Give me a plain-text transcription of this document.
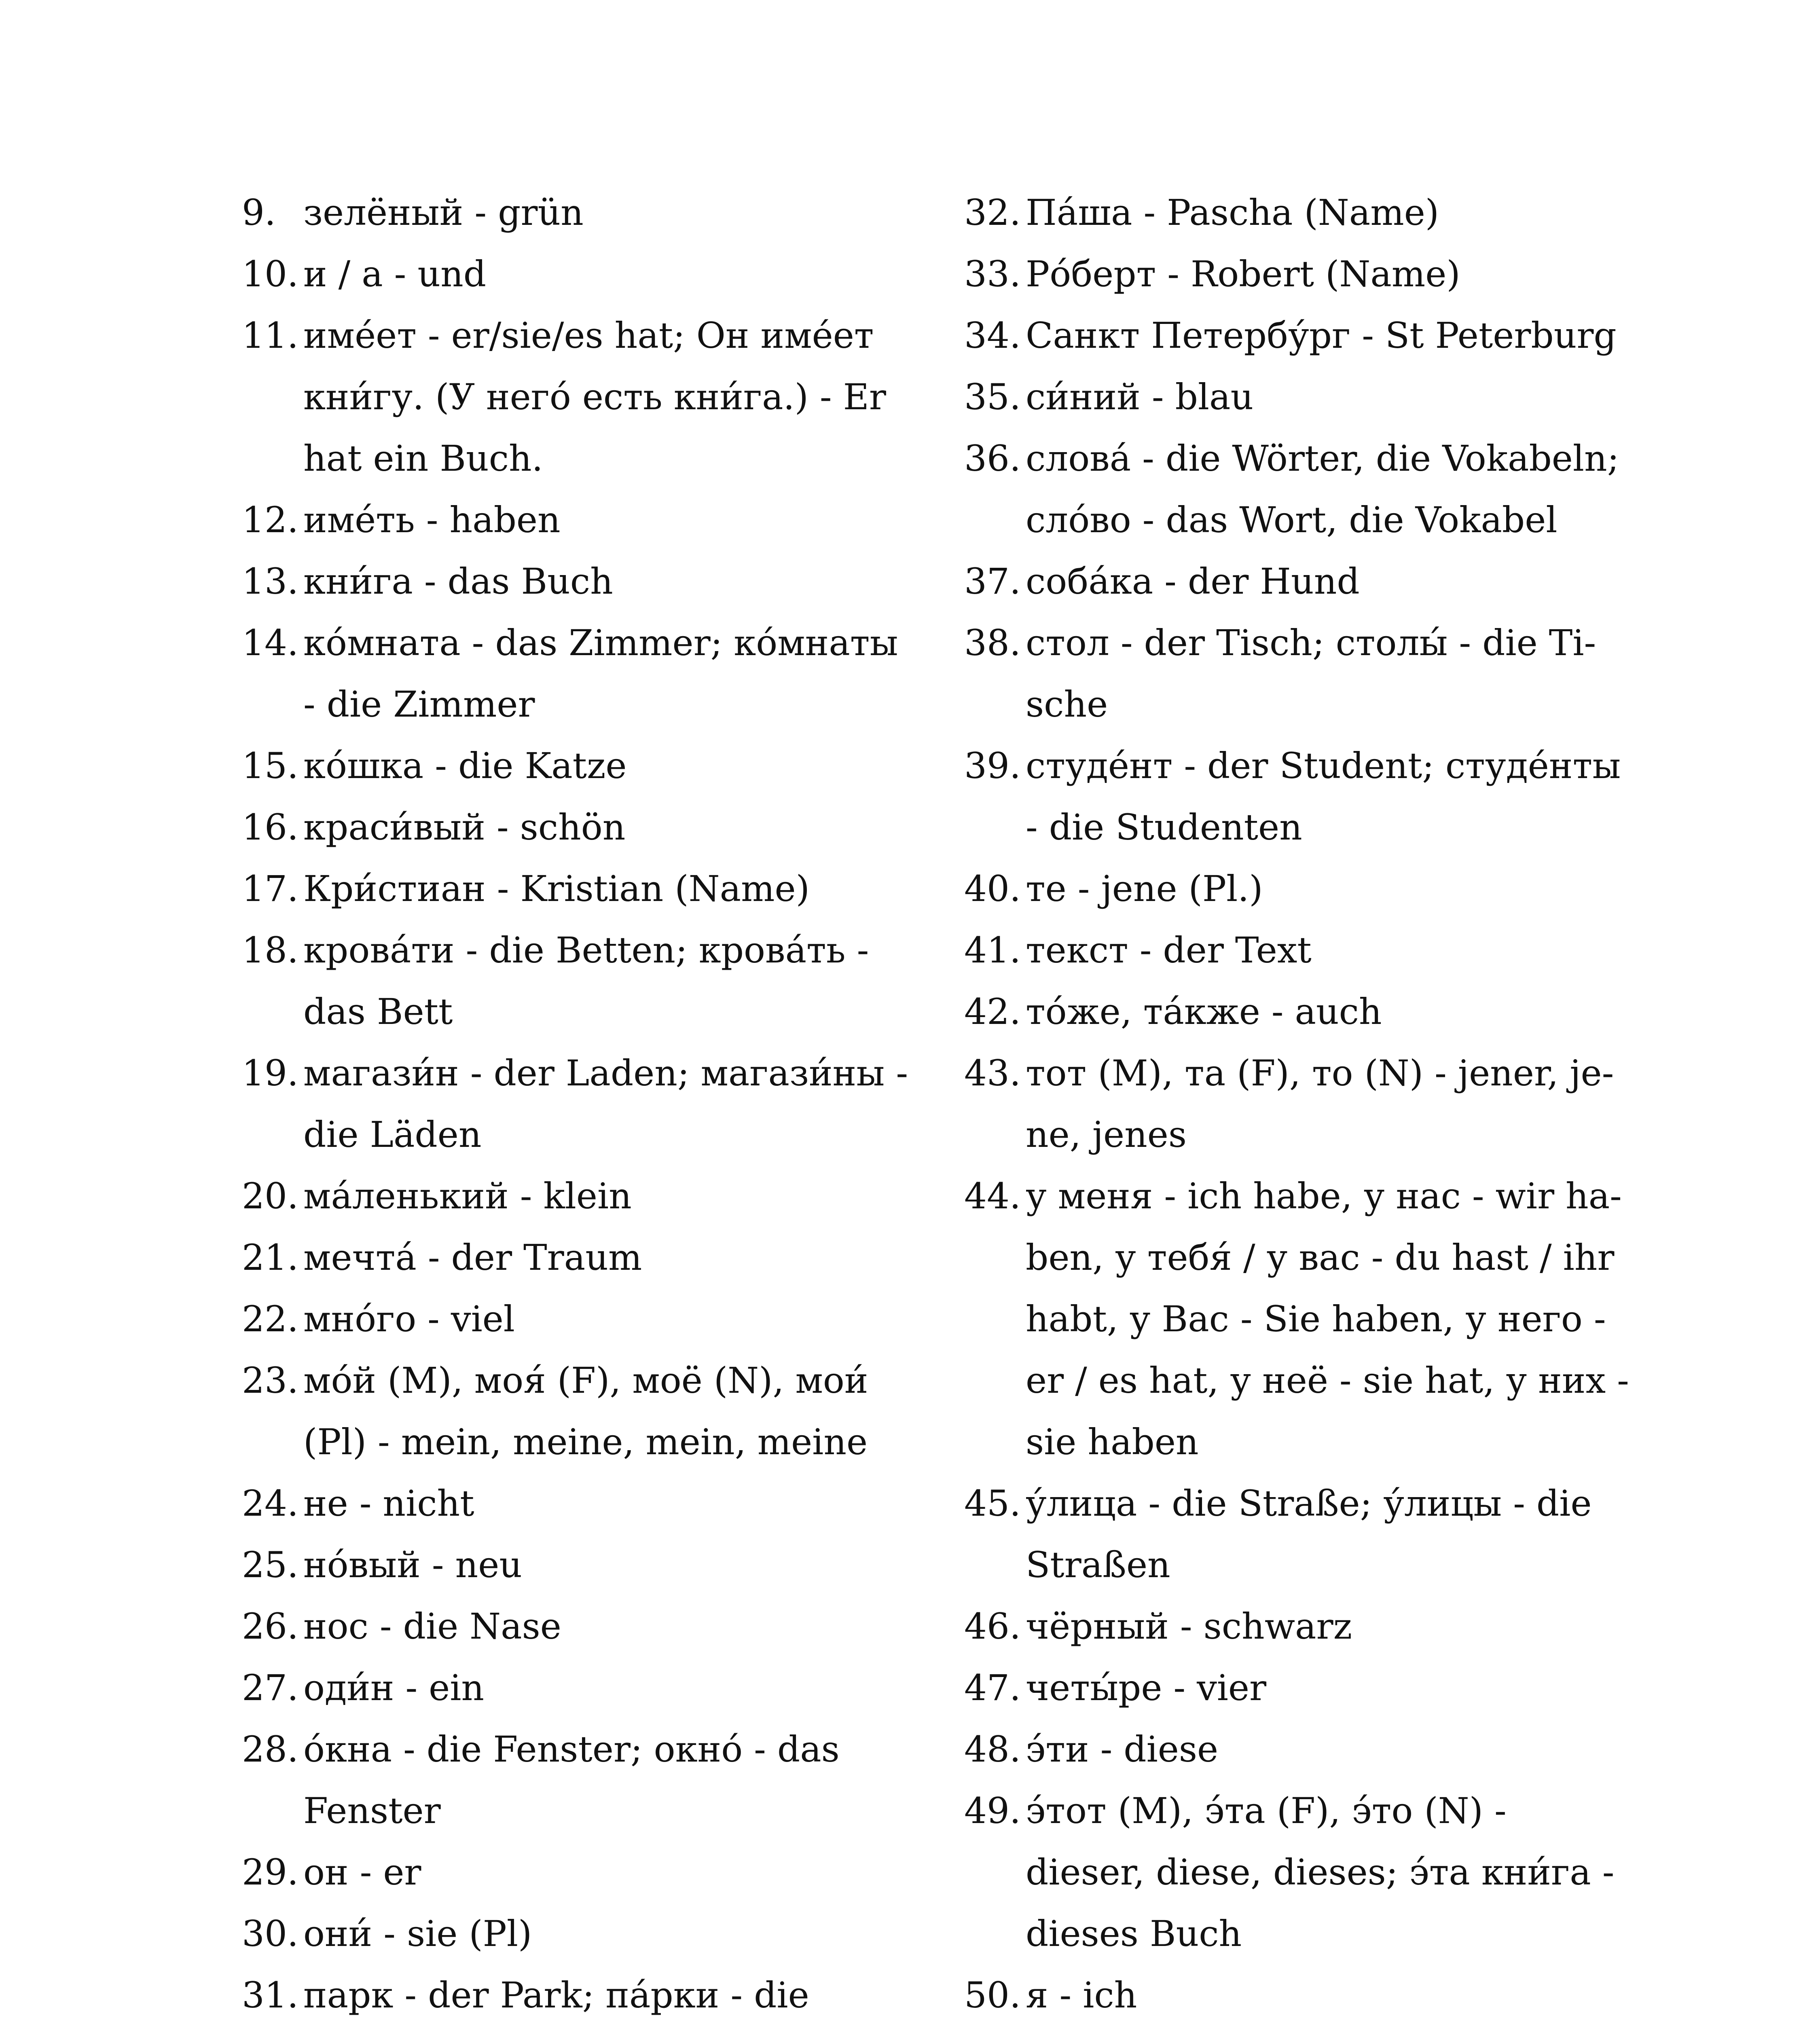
9. зелёный - grün
10. и / а - und
11. имéет - er/sie/es hat; Он имéет кни́гу. (У негó есть кни́га.) - Er hat ein Buch.
12. имéть - haben
13. кни́га - das Buch
14. кóмната - das Zimmer; кóмнаты - die Zimmer
15. кóшка - die Katze
16. краси́вый - schön
17. Кри́стиан - Kristian (Name)
18. кровáти - die Betten; кровáть - das Bett
19. магази́н - der Laden; магази́ны - die Läden
20. мáленький - klein
21. мечтá - der Traum
22. мнóго - viel
23. мóй (M), моя́ (F), моё (N), мои́ (Pl) - mein, meine, mein, meine
24. не - nicht
25. нóвый - neu
26. нос - die Nase
27. оди́н - ein
28. óкна - die Fenster; окнó - das Fenster
29. он - er
30. они́ - sie (Pl)
31. парк - der Park; пáрки - die
32. Пáша - Pascha (Name)
33. Рóберт - Robert (Name)
34. Санкт Петербу́рг - St Peterburg
35. си́ний - blau
36. словá - die Wörter, die Vokabeln; слóво - das Wort, die Vokabel
37. собáка - der Hund
38. стол - der Tisch; столы́ - die Ti-sche
39. студéнт - der Student; студéнты - die Studenten
40. те - jene (Pl.)
41. текст - der Text
42. тóже, тáкже - auch
43. тот (M), та (F), то (N) - jener, je-ne, jenes
44. у меня - ich habe, у нас - wir ha-ben, у тебя́ / у вас - du hast / ihr habt, у Вас - Sie haben, у него - er / es hat, у неё - sie hat, у них - sie haben
45. у́лица - die Straße; у́лицы - die Straßen
46. чёрный - schwarz
47. четы́ре - vier
48. э́ти - diese
49. э́тот (M), э́та (F), э́то (N) - dieser, diese, dieses; э́та кни́га - dieses Buch
50. я - ich
